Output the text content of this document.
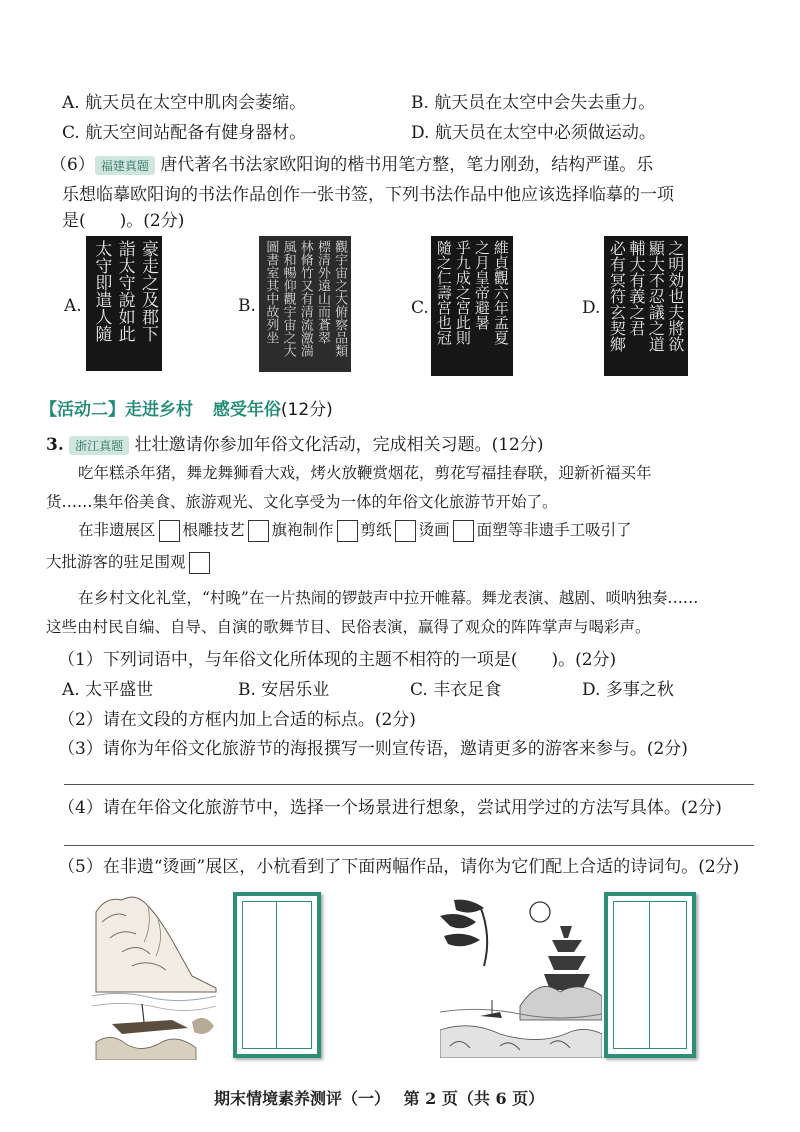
A. 航天员在太空中肌肉会萎缩。	B. 航天员在太空中会失去重力。
C. 航天空间站配备有健身器材。	D. 航天员在太空中必须做运动。
（6） 福建真题 唐代著名书法家欧阳询的楷书用笔方整，笔力刚劲，结构严谨。乐
乐想临摹欧阳询的书法作品创作一张书签，下列书法作品中他应该选择临摹的一项
是(　　)。(2分)
A.	豪走之及郡下
詣太守說如此
太守即遣人隨	B.	觀宇宙之大俯察品類
標清外遠山而蒼翠
林脩竹又有清流激湍
風和暢仰觀宇宙之大
圖書室其中故列坐	C.	維貞觀六年孟夏
之月皇帝避暑
乎九成之宮此則
隨之仁壽宮也冠	D.	之明効也夫將欲
顯大不忍議之道
輔大有義之君
必有冥符玄契鄉
【活动二】走进乡村 感受年俗(12分)
3. 浙江真题 壮壮邀请你参加年俗文化活动，完成相关习题。(12分)
吃年糕杀年猪，舞龙舞狮看大戏，烤火放鞭赏烟花，剪花写福挂春联，迎新祈福买年
货……集年俗美食、旅游观光、文化享受为一体的年俗文化旅游节开始了。
在非遗展区 根雕技艺 旗袍制作 剪纸 烫画 面塑等非遗手工吸引了
大批游客的驻足围观
在乡村文化礼堂，“村晚”在一片热闹的锣鼓声中拉开帷幕。舞龙表演、越剧、唢呐独奏……
这些由村民自编、自导、自演的歌舞节目、民俗表演，赢得了观众的阵阵掌声与喝彩声。
（1）下列词语中，与年俗文化所体现的主题不相符的一项是(　　)。(2分)
A. 太平盛世	B. 安居乐业	C. 丰衣足食	D. 多事之秋
（2）请在文段的方框内加上合适的标点。(2分)
（3）请你为年俗文化旅游节的海报撰写一则宣传语，邀请更多的游客来参与。(2分)
（4）请在年俗文化旅游节中，选择一个场景进行想象，尝试用学过的方法写具体。(2分)
（5）在非遗“烫画”展区，小杭看到了下面两幅作品，请你为它们配上合适的诗词句。(2分)
期末情境素养测评（一） 第 2 页（共 6 页）
